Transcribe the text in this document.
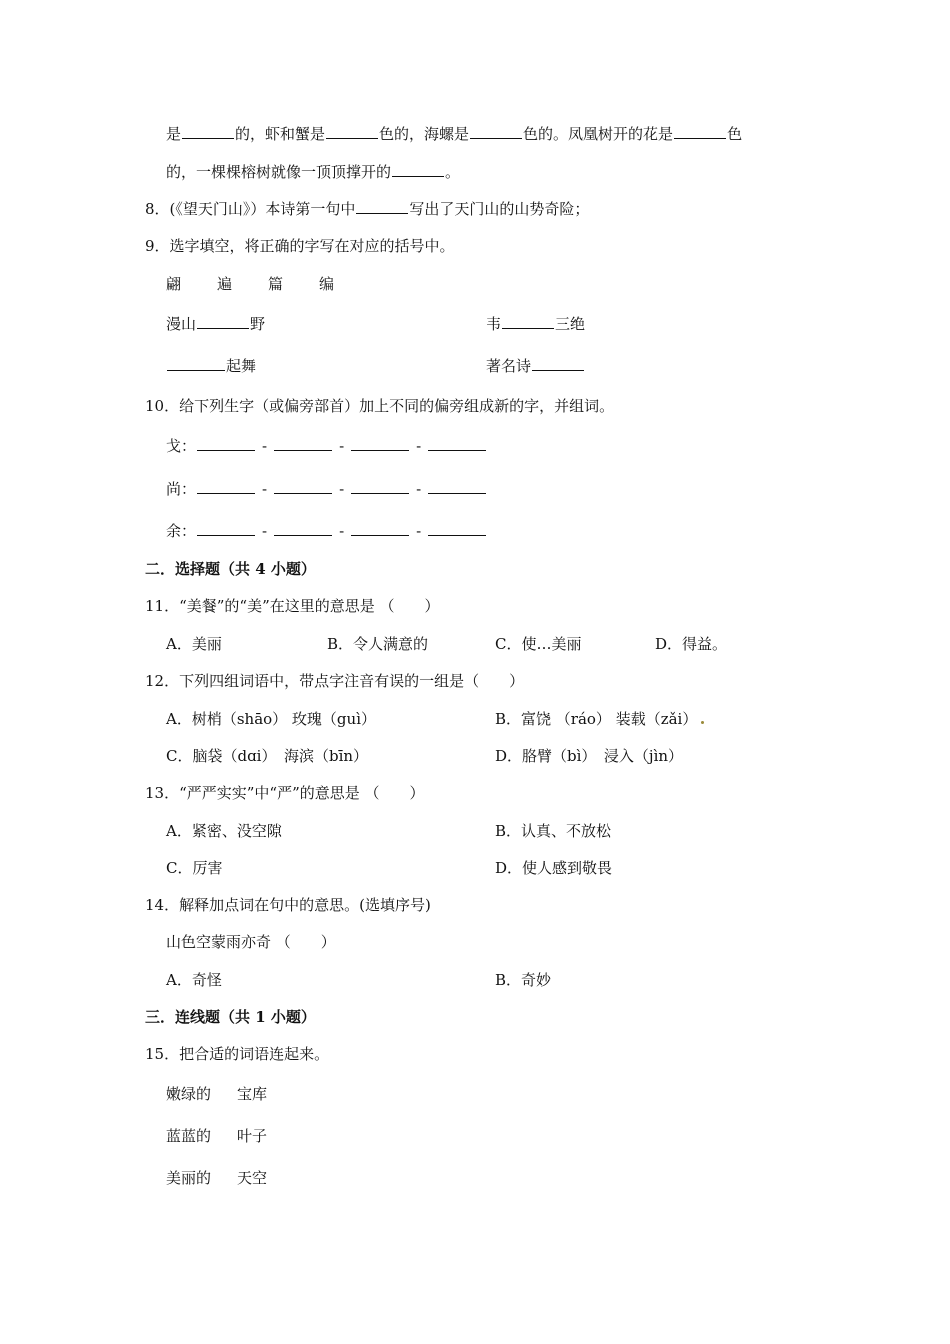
是	的，虾和蟹是	色的，海螺是	色的。凤凰树开的花是	色
的，一棵棵榕树就像一顶顶撑开的	。
8．(《望天门山》）本诗第一句中	写出了天门山的山势奇险；
9．选字填空，将正确的字写在对应的括号中。
翩 遍 篇 编
漫山	野	韦	三绝
起舞	著名诗
10．给下列生字（或偏旁部首）加上不同的偏旁组成新的字，并组词。
戈：	-	-	-
尚：	-	-	-
余：	-	-	-
二．选择题（共 4 小题）
11．“美餐”的“美”在这里的意思是 （　　）
A．美丽	B．令人满意的	C．使…美丽	D．得益。
12．下列四组词语中，带点字注音有误的一组是（　　）
A．树梢（shāo） 玫瑰（guì）	B．富饶 （ráo） 装载（zǎi）
C．脑袋（dɑi）　海滨（bīn）	D．胳臂（bì）　浸入（jìn）
13．“严严实实”中“严”的意思是 （　　）
A．紧密、没空隙	B．认真、不放松
C．厉害	D．使人感到敬畏
14．解释加点词在句中的意思。(选填序号)
山色空蒙雨亦奇 （　　）
A．奇怪	B．奇妙
三．连线题（共 1 小题）
15．把合适的词语连起来。
嫩绿的 宝库
蓝蓝的 叶子
美丽的 天空
